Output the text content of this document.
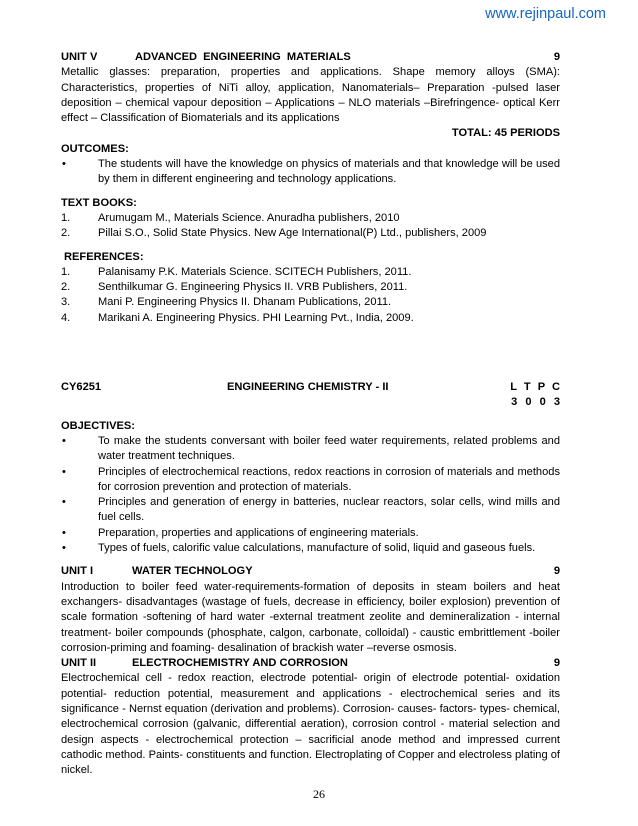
www.rejinpaul.com
UNIT V	ADVANCED ENGINEERING MATERIALS	9

Metallic glasses: preparation, properties and applications. Shape memory alloys (SMA): Characteristics, properties of NiTi alloy, application, Nanomaterials– Preparation -pulsed laser deposition – chemical vapour deposition – Applications – NLO materials –Birefringence- optical Kerr effect – Classification of Biomaterials and its applications

TOTAL: 45 PERIODS
OUTCOMES:
•	The students will have the knowledge on physics of materials and that knowledge will be used by them in different engineering and technology applications.
TEXT BOOKS:
1. Arumugam M., Materials Science. Anuradha publishers, 2010
2. Pillai S.O., Solid State Physics. New Age International(P) Ltd., publishers, 2009
REFERENCES:
1. Palanisamy P.K. Materials Science. SCITECH Publishers, 2011.
2. Senthilkumar G. Engineering Physics II. VRB Publishers, 2011.
3. Mani P. Engineering Physics II. Dhanam Publications, 2011.
4. Marikani A. Engineering Physics. PHI Learning Pvt., India, 2009.
CY6251	ENGINEERING CHEMISTRY - II	L T P C
3 0 0 3
OBJECTIVES:
•	To make the students conversant with boiler feed water requirements, related problems and water treatment techniques.
•	Principles of electrochemical reactions, redox reactions in corrosion of materials and methods for corrosion prevention and protection of materials.
•	Principles and generation of energy in batteries, nuclear reactors, solar cells, wind mills and fuel cells.
•	Preparation, properties and applications of engineering materials.
•	Types of fuels, calorific value calculations, manufacture of solid, liquid and gaseous fuels.
UNIT I	WATER TECHNOLOGY	9

Introduction to boiler feed water-requirements-formation of deposits in steam boilers and heat exchangers- disadvantages (wastage of fuels, decrease in efficiency, boiler explosion) prevention of scale formation -softening of hard water -external treatment zeolite and demineralization - internal treatment- boiler compounds (phosphate, calgon, carbonate, colloidal) - caustic embrittlement -boiler corrosion-priming and foaming- desalination of brackish water –reverse osmosis.

UNIT II	ELECTROCHEMISTRY AND CORROSION	9

Electrochemical cell - redox reaction, electrode potential- origin of electrode potential- oxidation potential- reduction potential, measurement and applications - electrochemical series and its significance - Nernst equation (derivation and problems). Corrosion- causes- factors- types- chemical, electrochemical corrosion (galvanic, differential aeration), corrosion control - material selection and design aspects - electrochemical protection – sacrificial anode method and impressed current cathodic method. Paints- constituents and function. Electroplating of Copper and electroless plating of nickel.

26
